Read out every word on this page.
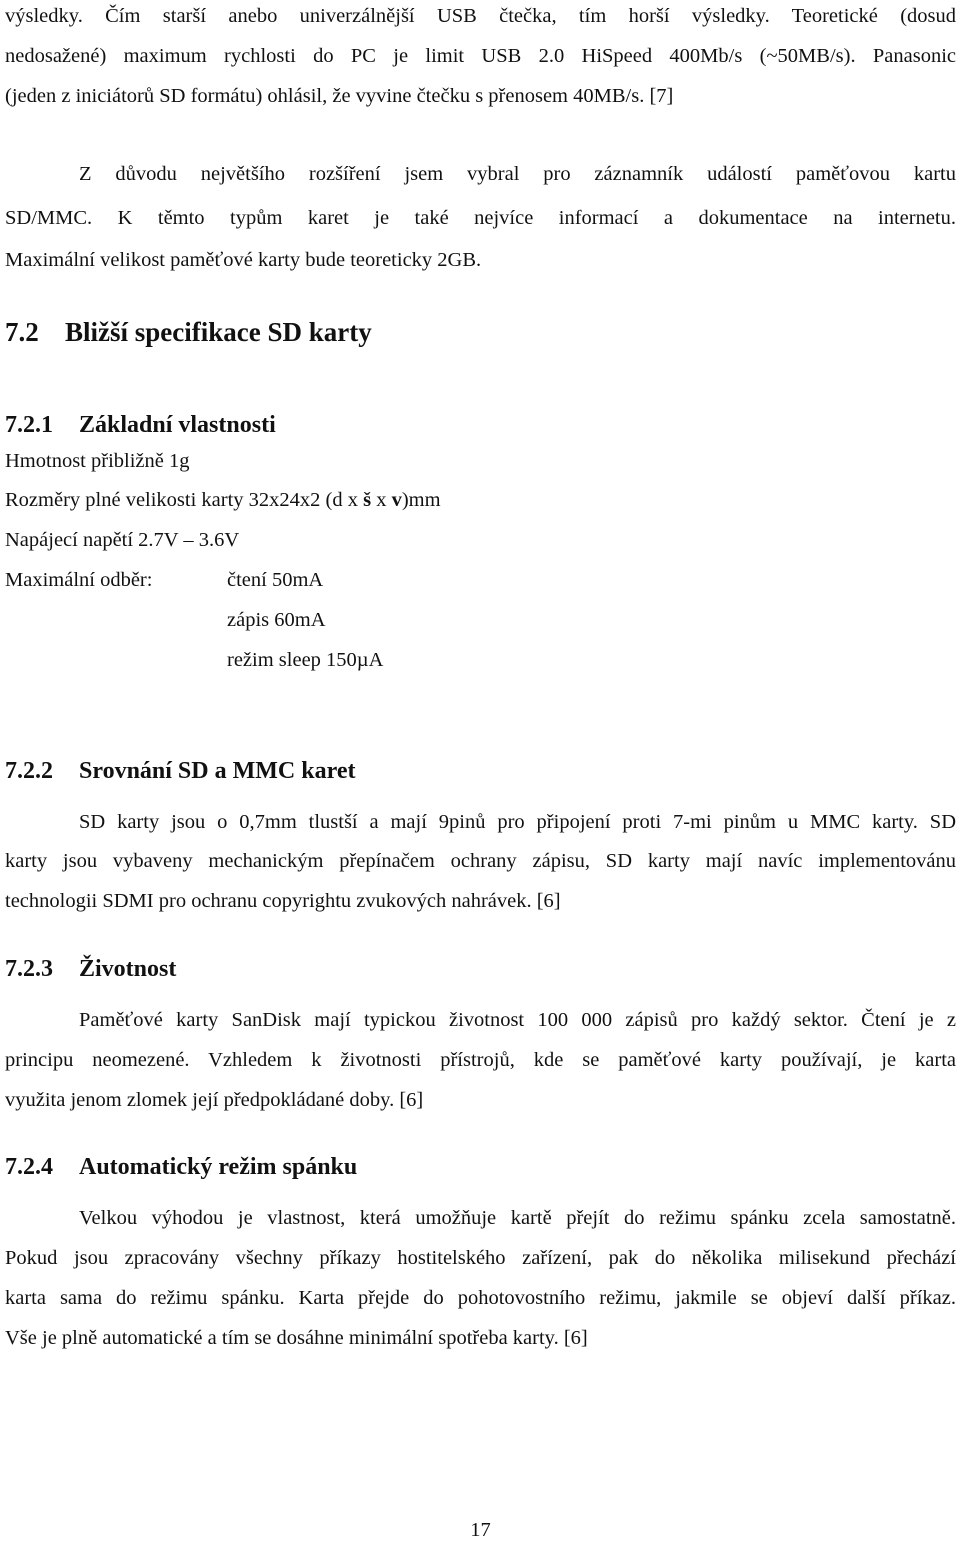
výsledky. Čím starší anebo univerzálnější USB čtečka, tím horší výsledky. Teoretické (dosud
nedosažené) maximum rychlosti do PC je limit USB 2.0 HiSpeed 400Mb/s (~50MB/s). Panasonic
(jeden z iniciátorů SD formátu) ohlásil, že vyvine čtečku s přenosem 40MB/s. [7]
Z důvodu největšího rozšíření jsem vybral pro záznamník událostí paměťovou kartu
SD/MMC. K těmto typům karet je také nejvíce informací a dokumentace na internetu.
Maximální velikost paměťové karty bude teoreticky 2GB.
7.2 Bližší specifikace SD karty
7.2.1 Základní vlastnosti
Hmotnost přibližně 1g
Rozměry plné velikosti karty 32x24x2 (d x š x v)mm
Napájecí napětí 2.7V – 3.6V
Maximální odběr:	čtení 50mA
zápis 60mA
režim sleep 150µA
7.2.2 Srovnání SD a MMC karet
SD karty jsou o 0,7mm tlustší a mají 9pinů pro připojení proti 7-mi pinům u MMC karty. SD
karty jsou vybaveny mechanickým přepínačem ochrany zápisu, SD karty mají navíc implementovánu
technologii SDMI pro ochranu copyrightu zvukových nahrávek. [6]
7.2.3 Životnost
Paměťové karty SanDisk mají typickou životnost 100 000 zápisů pro každý sektor. Čtení je z
principu neomezené. Vzhledem k životnosti přístrojů, kde se paměťové karty používají, je karta
využita jenom zlomek její předpokládané doby. [6]
7.2.4 Automatický režim spánku
Velkou výhodou je vlastnost, která umožňuje kartě přejít do režimu spánku zcela samostatně.
Pokud jsou zpracovány všechny příkazy hostitelského zařízení, pak do několika milisekund přechází
karta sama do režimu spánku. Karta přejde do pohotovostního režimu, jakmile se objeví další příkaz.
Vše je plně automatické a tím se dosáhne minimální spotřeba karty. [6]
17
